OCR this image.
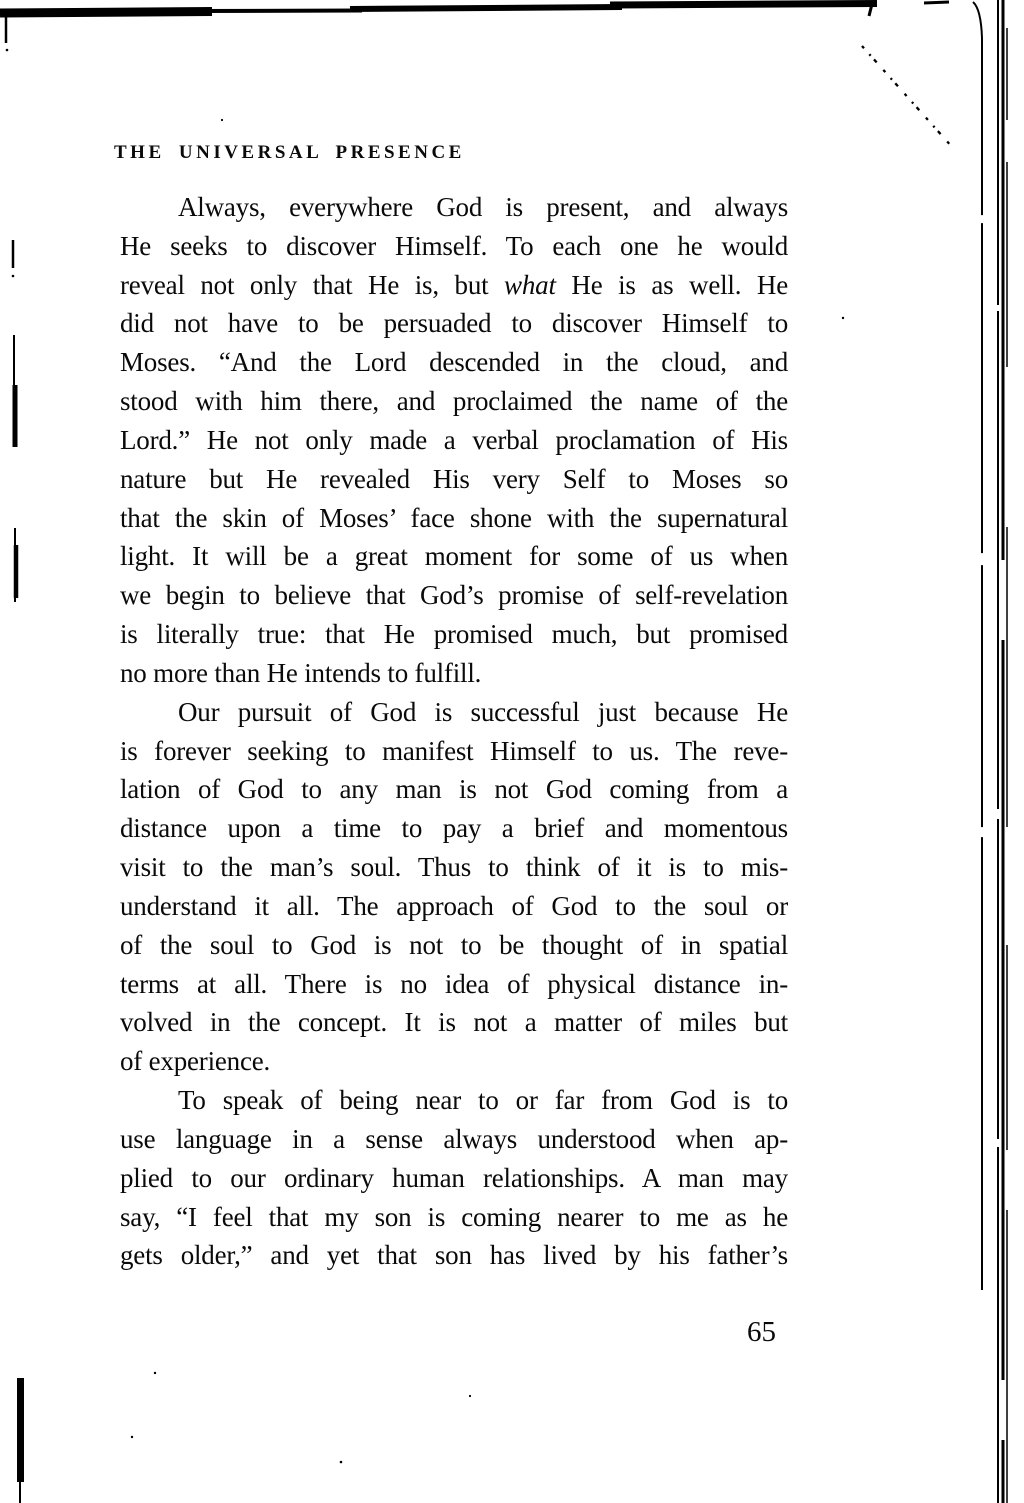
THE UNIVERSAL PRESENCE
Always, everywhere God is present, and always
He seeks to discover Himself. To each one he would
reveal not only that He is, but what He is as well. He
did not have to be persuaded to discover Himself to
Moses. “And the Lord descended in the cloud, and
stood with him there, and proclaimed the name of the
Lord.” He not only made a verbal proclamation of His
nature but He revealed His very Self to Moses so
that the skin of Moses’ face shone with the supernatural
light. It will be a great moment for some of us when
we begin to believe that God’s promise of self-revelation
is literally true: that He promised much, but promised
no more than He intends to fulfill.
Our pursuit of God is successful just because He
is forever seeking to manifest Himself to us. The reve-
lation of God to any man is not God coming from a
distance upon a time to pay a brief and momentous
visit to the man’s soul. Thus to think of it is to mis-
understand it all. The approach of God to the soul or
of the soul to God is not to be thought of in spatial
terms at all. There is no idea of physical distance in-
volved in the concept. It is not a matter of miles but
of experience.
To speak of being near to or far from God is to
use language in a sense always understood when ap-
plied to our ordinary human relationships. A man may
say, “I feel that my son is coming nearer to me as he
gets older,” and yet that son has lived by his father’s
65
